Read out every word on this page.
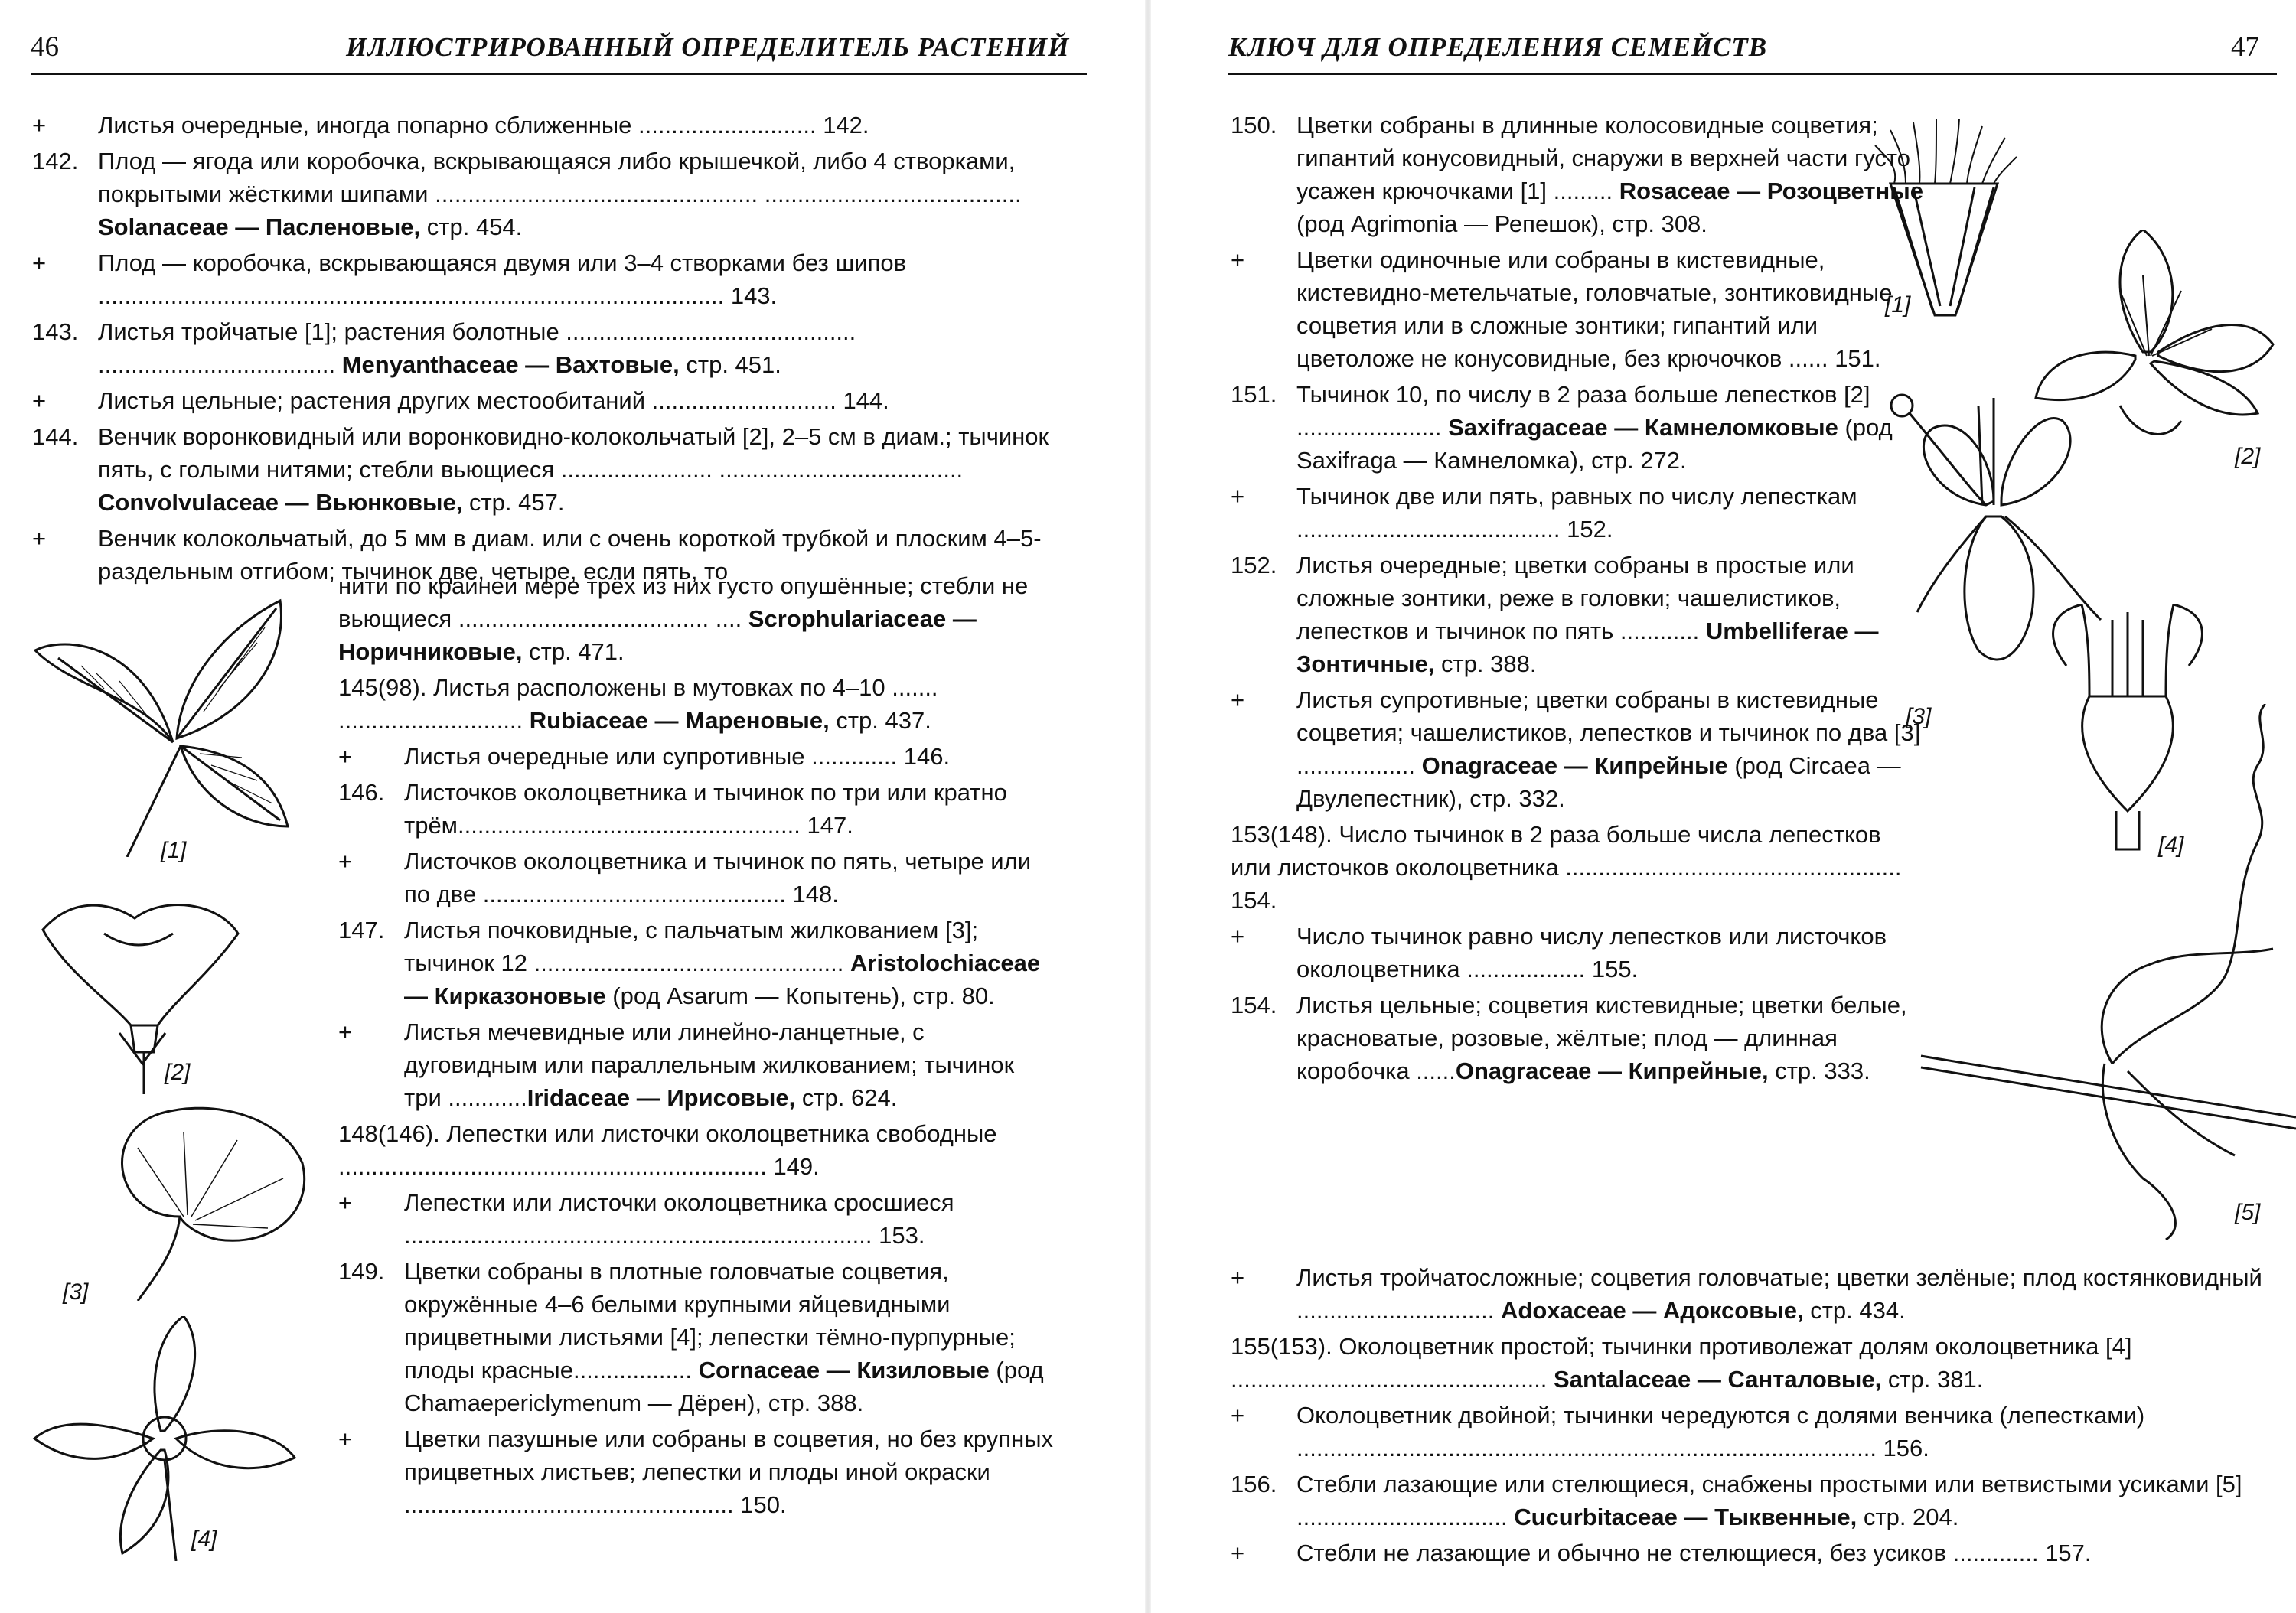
46	ИЛЛЮСТРИРОВАННЫЙ ОПРЕДЕЛИТЕЛЬ РАСТЕНИЙ
+ Листья очередные, иногда попарно сближенные ........................... 142.
142. Плод — ягода или коробочка, вскрывающаяся либо крышечкой, либо 4 створками, покрытыми жёсткими шипами ................................................. ....................................... Solanaceae — Пасленовые, стр. 454.
+ Плод — коробочка, вскрывающаяся двумя или 3–4 створками без шипов ............................................................................................... 143.
143. Листья тройчатые [1]; растения болотные ............................................ .................................... Menyanthaceae — Вахтовые, стр. 451.
+ Листья цельные; растения других местообитаний ............................ 144.
144. Венчик воронковидный или воронковидно-колокольчатый [2], 2–5 см в диам.; тычинок пять, с голыми нитями; стебли вьющиеся ....................... ..................................... Convolvulaceae — Вьюнковые, стр. 457.
+ Венчик колокольчатый, до 5 мм в диам. или с очень короткой трубкой и плоским 4–5-раздельным отгибом; тычинок две, четыре, если пять, то
нити по крайней мере трёх из них густо опушённые; стебли не вьющиеся ...................................... .... Scrophulariaceae — Норичниковые, стр. 471.
145(98). Листья расположены в мутовках по 4–10 ....... ............................ Rubiaceae — Мареновые, стр. 437.
+ Листья очередные или супротивные ............. 146.
146. Листочков околоцветника и тычинок по три или кратно трём.................................................... 147.
+ Листочков околоцветника и тычинок по пять, четыре или по две .............................................. 148.
147. Листья почковидные, с пальчатым жилкованием [3]; тычинок 12 ............................................... Aristolochiaceae — Кирказоновые (род Asarum — Копытень), стр. 80.
+ Листья мечевидные или линейно-ланцетные, с дуговидным или параллельным жилкованием; тычинок три ............Iridaceae — Ирисовые, стр. 624.
148(146). Лепестки или листочки околоцветника свободные ................................................................. 149.
+ Лепестки или листочки околоцветника сросшиеся ....................................................................... 153.
149. Цветки собраны в плотные головчатые соцветия, окружённые 4–6 белыми крупными яйцевидными прицветными листьями [4]; лепестки тёмно-пурпурные; плоды красные.................. Cornaceae — Кизиловые (род Chamaepericlymenum — Дёрен), стр. 388.
+ Цветки пазушные или собраны в соцветия, но без крупных прицветных листьев; лепестки и плоды иной окраски .................................................. 150.
[1]
[2]
[3]
[4]
КЛЮЧ ДЛЯ ОПРЕДЕЛЕНИЯ СЕМЕЙСТВ	47
150. Цветки собраны в длинные колосовидные соцветия; гипантий конусовидный, снаружи в верхней части густо усажен крючочками [1] ......... Rosaceae — Розоцветные (род Agrimonia — Репешок), стр. 308.
+ Цветки одиночные или собраны в кистевидные, кистевидно-метельчатые, головчатые, зонтиковидные соцветия или в сложные зонтики; гипантий или цветоложе не конусовидные, без крючочков ...... 151.
151. Тычинок 10, по числу в 2 раза больше лепестков [2] ...................... Saxifragaceae — Камнеломковые (род Saxifraga — Камнеломка), стр. 272.
+ Тычинок две или пять, равных по числу лепесткам ........................................ 152.
152. Листья очередные; цветки собраны в простые или сложные зонтики, реже в головки; чашелистиков, лепестков и тычинок по пять ............ Umbelliferae — Зонтичные, стр. 388.
+ Листья супротивные; цветки собраны в кистевидные соцветия; чашелистиков, лепестков и тычинок по два [3] .................. Onagraceae — Кипрейные (род Circaea — Двулепестник), стр. 332.
153(148). Число тычинок в 2 раза больше числа лепестков или листочков околоцветника ................................................... 154.
+ Число тычинок равно числу лепестков или листочков околоцветника .................. 155.
154. Листья цельные; соцветия кистевидные; цветки белые, красноватые, розовые, жёлтые; плод — длинная коробочка ......Onagraceae — Кипрейные, стр. 333.
+ Листья тройчатосложные; соцветия головчатые; цветки зелёные; плод костянковидный .............................. Adoxaceae — Адоксовые, стр. 434.
155(153). Околоцветник простой; тычинки противолежат долям околоцветника [4] ................................................ Santalaceae — Санталовые, стр. 381.
+ Околоцветник двойной; тычинки чередуются с долями венчика (лепестками) ........................................................................................ 156.
156. Стебли лазающие или стелющиеся, снабжены простыми или ветвистыми усиками [5] ................................ Cucurbitaceae — Тыквенные, стр. 204.
+ Стебли не лазающие и обычно не стелющиеся, без усиков ............. 157.
[1]
[2]
[3]
[4]
[5]
